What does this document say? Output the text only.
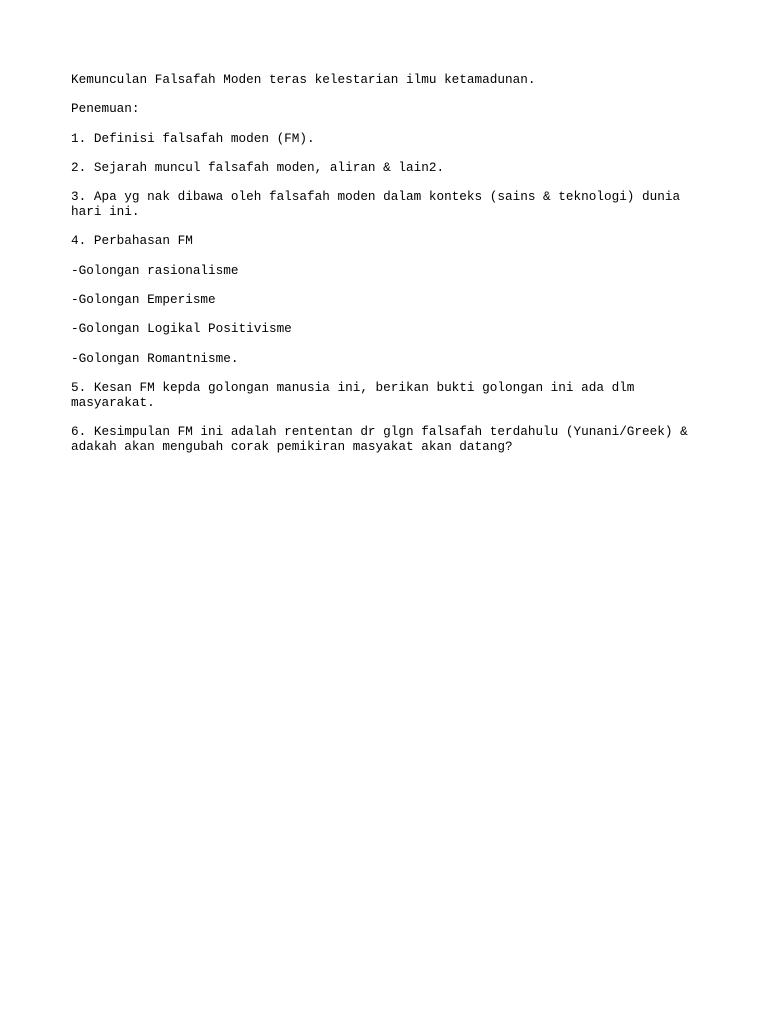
Kemunculan Falsafah Moden teras kelestarian ilmu ketamadunan.

Penemuan:

1. Definisi falsafah moden (FM).

2. Sejarah muncul falsafah moden, aliran & lain2.

3. Apa yg nak dibawa oleh falsafah moden dalam konteks (sains & teknologi) dunia
hari ini.

4. Perbahasan FM

-Golongan rasionalisme

-Golongan Emperisme

-Golongan Logikal Positivisme

-Golongan Romantnisme.

5. Kesan FM kepda golongan manusia ini, berikan bukti golongan ini ada dlm
masyarakat.

6. Kesimpulan FM ini adalah rententan dr glgn falsafah terdahulu (Yunani/Greek) &
adakah akan mengubah corak pemikiran masyakat akan datang?
